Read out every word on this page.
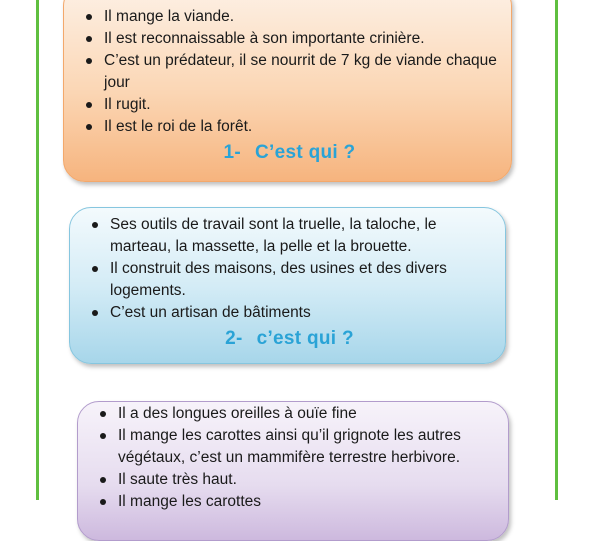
Il mange la viande.
Il est reconnaissable à son importante crinière.
C’est un prédateur, il se nourrit de 7 kg de viande chaque jour
Il rugit.
Il est le roi de la forêt.
1- C’est qui ?
Ses outils de travail sont la truelle, la taloche, le marteau, la massette, la pelle et la brouette.
Il construit des maisons, des usines et des divers logements.
C’est un artisan de bâtiments
2- c’est qui ?
Il a des longues oreilles à ouïe fine
Il mange les carottes ainsi qu’il grignote les autres végétaux, c’est un mammifère terrestre herbivore.
Il saute très haut.
Il mange les carottes
